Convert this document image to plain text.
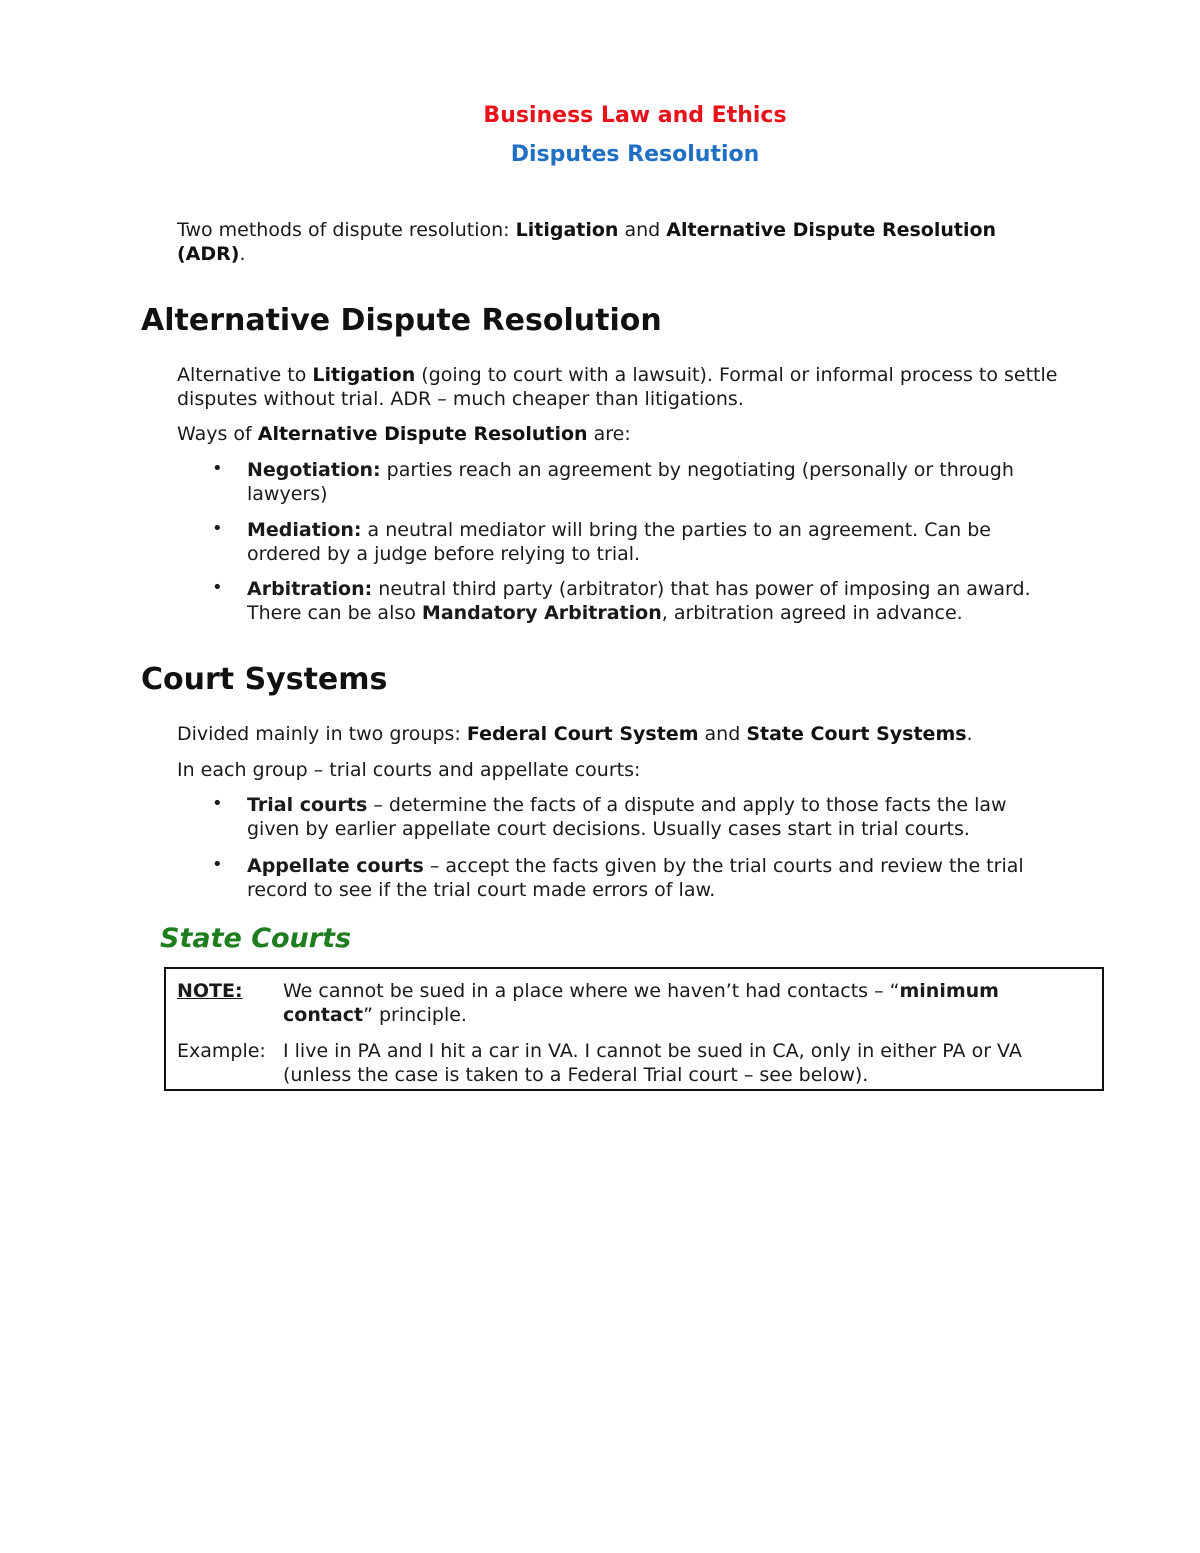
Business Law and Ethics
Disputes Resolution

Two methods of dispute resolution: Litigation and Alternative Dispute Resolution
(ADR).

Alternative Dispute Resolution

Alternative to Litigation (going to court with a lawsuit). Formal or informal process to settle
disputes without trial. ADR – much cheaper than litigations.

Ways of Alternative Dispute Resolution are:

• Negotiation: parties reach an agreement by negotiating (personally or through
lawyers)

• Mediation: a neutral mediator will bring the parties to an agreement. Can be
ordered by a judge before relying to trial.

• Arbitration: neutral third party (arbitrator) that has power of imposing an award.
There can be also Mandatory Arbitration, arbitration agreed in advance.

Court Systems

Divided mainly in two groups: Federal Court System and State Court Systems.

In each group – trial courts and appellate courts:

• Trial courts – determine the facts of a dispute and apply to those facts the law
given by earlier appellate court decisions. Usually cases start in trial courts.

• Appellate courts – accept the facts given by the trial courts and review the trial
record to see if the trial court made errors of law.

State Courts
NOTE: We cannot be sued in a place where we haven’t had contacts – “minimum
contact” principle.
Example: I live in PA and I hit a car in VA. I cannot be sued in CA, only in either PA or VA
(unless the case is taken to a Federal Trial court – see below).
